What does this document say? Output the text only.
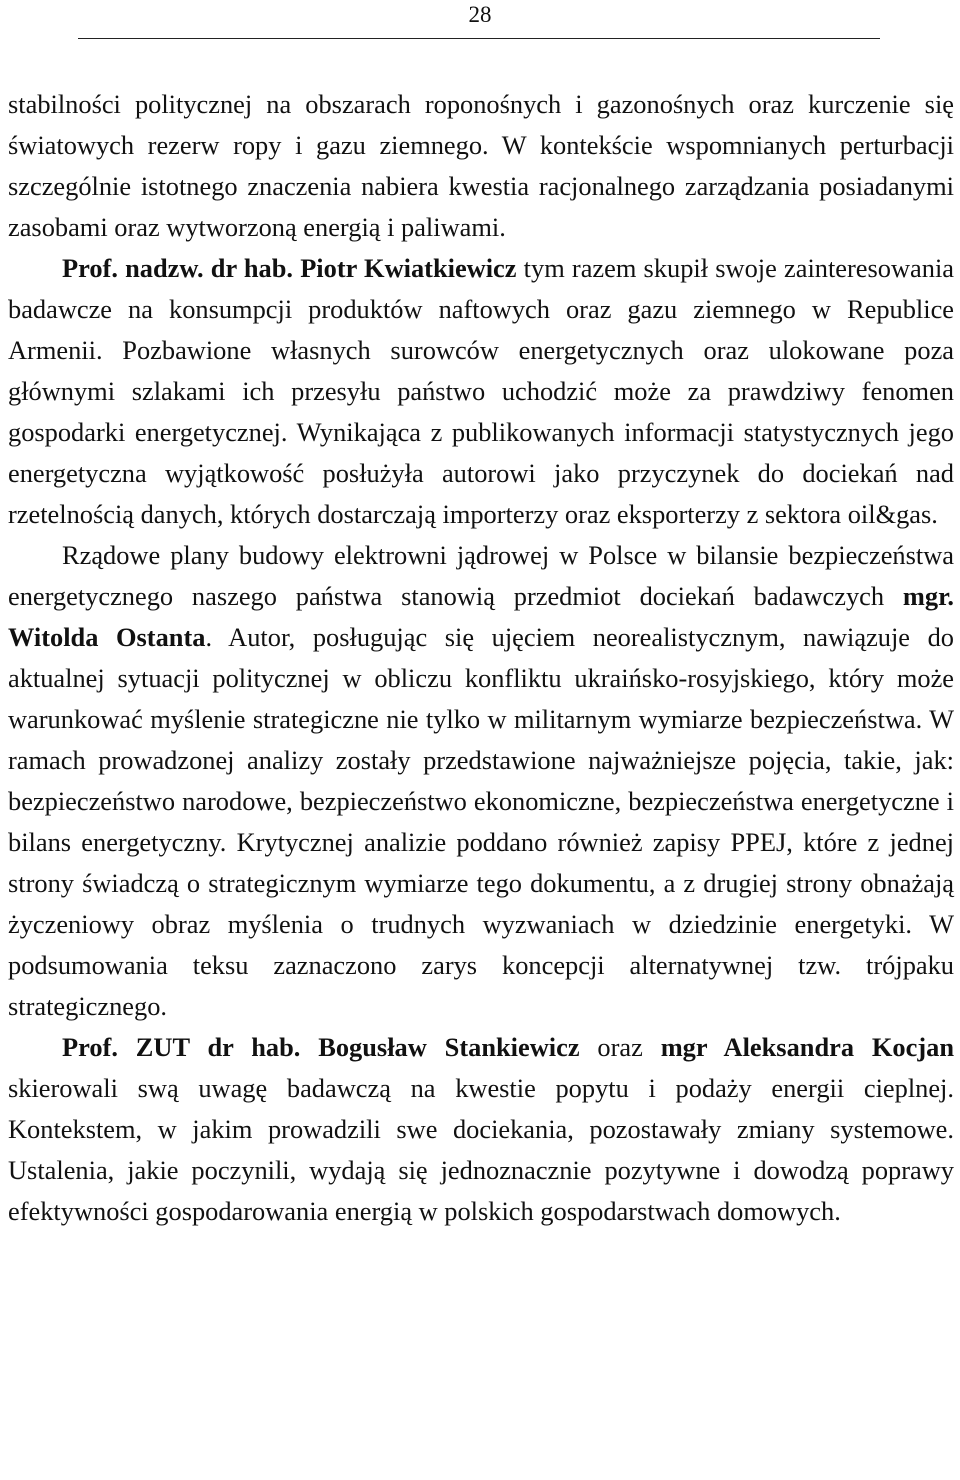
28

stabilności politycznej na obszarach roponośnych i gazonośnych oraz kurczenie się światowych rezerw ropy i gazu ziemnego. W kontekście wspomnianych perturbacji szczególnie istotnego znaczenia nabiera kwestia racjonalnego zarządzania posiadanymi zasobami oraz wytworzoną energią i paliwami.

Prof. nadzw. dr hab. Piotr Kwiatkiewicz tym razem skupił swoje zainteresowania badawcze na konsumpcji produktów naftowych oraz gazu ziemnego w Republice Armenii. Pozbawione własnych surowców energetycznych oraz ulokowane poza głównymi szlakami ich przesyłu państwo uchodzić może za prawdziwy fenomen gospodarki energetycznej. Wynikająca z publikowanych informacji statystycznych jego energetyczna wyjątkowość posłużyła autorowi jako przyczynek do dociekań nad rzetelnością danych, których dostarczają importerzy oraz eksporterzy z sektora oil&gas.

Rządowe plany budowy elektrowni jądrowej w Polsce w bilansie bezpieczeństwa energetycznego naszego państwa stanowią przedmiot dociekań badawczych mgr. Witolda Ostanta. Autor, posługując się ujęciem neorealistycznym, nawiązuje do aktualnej sytuacji politycznej w obliczu konfliktu ukraińsko-rosyjskiego, który może warunkować myślenie strategiczne nie tylko w militarnym wymiarze bezpieczeństwa. W ramach prowadzonej analizy zostały przedstawione najważniejsze pojęcia, takie, jak: bezpieczeństwo narodowe, bezpieczeństwo ekonomiczne, bezpieczeństwa energetyczne i bilans energetyczny. Krytycznej analizie poddano również zapisy PPEJ, które z jednej strony świadczą o strategicznym wymiarze tego dokumentu, a z drugiej strony obnażają życzeniowy obraz myślenia o trudnych wyzwaniach w dziedzinie energetyki. W podsumowania teksu zaznaczono zarys koncepcji alternatywnej tzw. trójpaku strategicznego.

Prof. ZUT dr hab. Bogusław Stankiewicz oraz mgr Aleksandra Kocjan skierowali swą uwagę badawczą na kwestie popytu i podaży energii cieplnej. Kontekstem, w jakim prowadzili swe dociekania, pozostawały zmiany systemowe. Ustalenia, jakie poczynili, wydają się jednoznacznie pozytywne i dowodzą poprawy efektywności gospodarowania energią w polskich gospodarstwach domowych.
